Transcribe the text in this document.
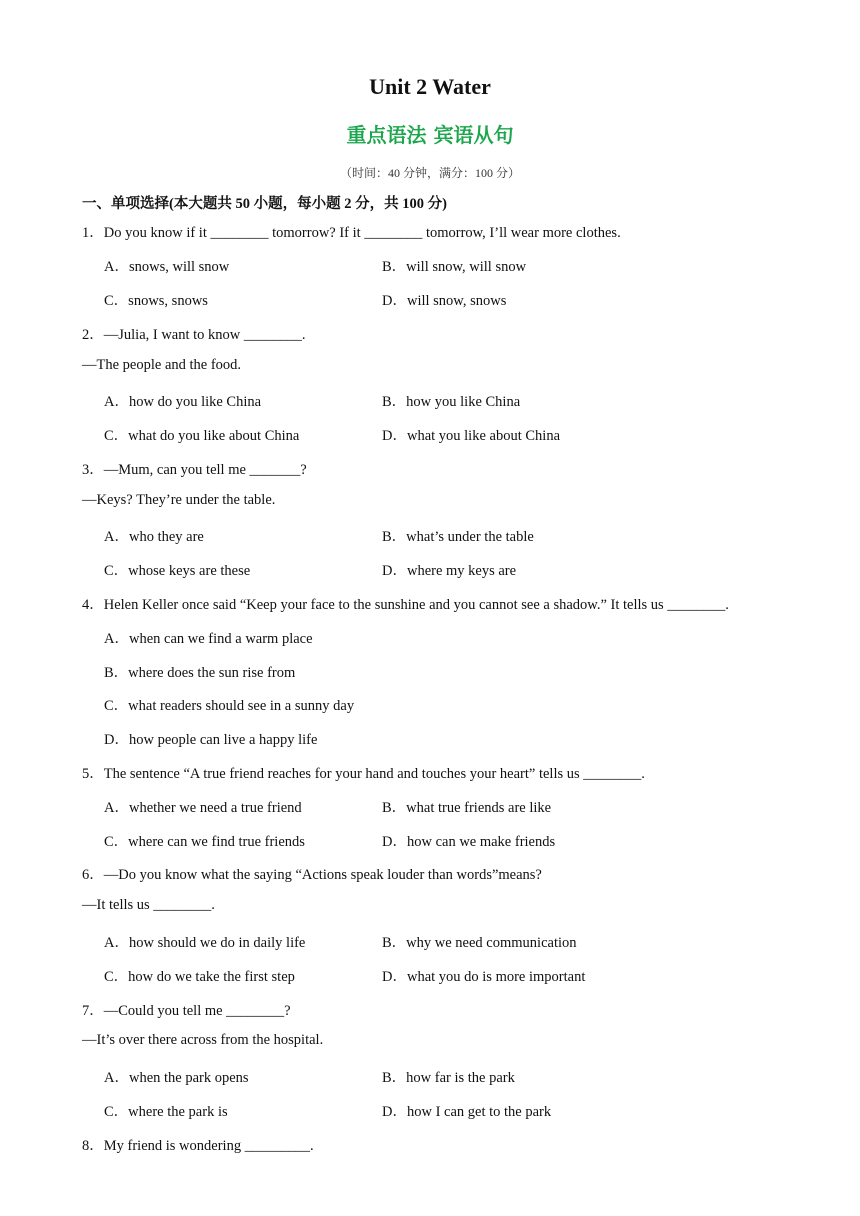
Unit 2 Water
重点语法 宾语从句
（时间：40 分钟，满分：100 分）
一、单项选择(本大题共 50 小题，每小题 2 分，共 100 分)
1．Do you know if it ________ tomorrow? If it ________ tomorrow, I’ll wear more clothes.
A．snows, will snow	B．will snow, will snow
C．snows, snows	D．will snow, snows
2．—Julia, I want to know ________.
—The people and the food.
A．how do you like China	B．how you like China
C．what do you like about China	D．what you like about China
3．—Mum, can you tell me _______?
—Keys? They’re under the table.
A．who they are	B．what’s under the table
C．whose keys are these	D．where my keys are
4．Helen Keller once said “Keep your face to the sunshine and you cannot see a shadow.” It tells us ________.
A．when can we find a warm place
B．where does the sun rise from
C．what readers should see in a sunny day
D．how people can live a happy life
5．The sentence “A true friend reaches for your hand and touches your heart” tells us ________.
A．whether we need a true friend	B．what true friends are like
C．where can we find true friends	D．how can we make friends
6．—Do you know what the saying “Actions speak louder than words”means?
—It tells us ________.
A．how should we do in daily life	B．why we need communication
C．how do we take the first step	D．what you do is more important
7．—Could you tell me ________?
—It’s over there across from the hospital.
A．when the park opens	B．how far is the park
C．where the park is	D．how I can get to the park
8．My friend is wondering _________.
